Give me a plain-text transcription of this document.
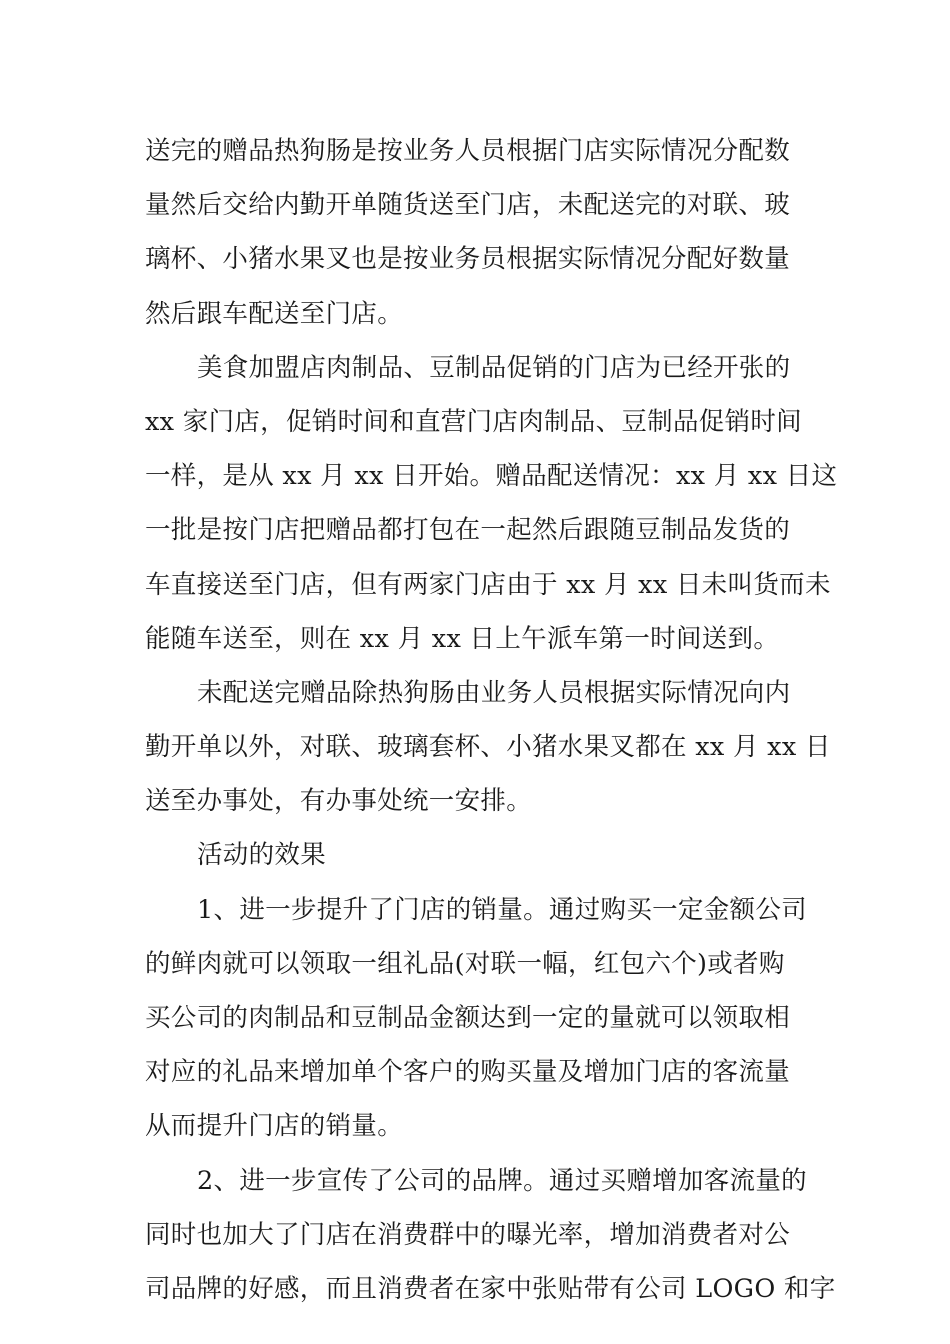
送完的赠品热狗肠是按业务人员根据门店实际情况分配数
量然后交给内勤开单随货送至门店，未配送完的对联、玻
璃杯、小猪水果叉也是按业务员根据实际情况分配好数量
然后跟车配送至门店。
美食加盟店肉制品、豆制品促销的门店为已经开张的
xx 家门店，促销时间和直营门店肉制品、豆制品促销时间
一样，是从 xx 月 xx 日开始。赠品配送情况：xx 月 xx 日这
一批是按门店把赠品都打包在一起然后跟随豆制品发货的
车直接送至门店，但有两家门店由于 xx 月 xx 日未叫货而未
能随车送至，则在 xx 月 xx 日上午派车第一时间送到。
未配送完赠品除热狗肠由业务人员根据实际情况向内
勤开单以外，对联、玻璃套杯、小猪水果叉都在 xx 月 xx 日
送至办事处，有办事处统一安排。
活动的效果
1、进一步提升了门店的销量。通过购买一定金额公司
的鲜肉就可以领取一组礼品(对联一幅，红包六个)或者购
买公司的肉制品和豆制品金额达到一定的量就可以领取相
对应的礼品来增加单个客户的购买量及增加门店的客流量
从而提升门店的销量。
2、进一步宣传了公司的品牌。通过买赠增加客流量的
同时也加大了门店在消费群中的曝光率，增加消费者对公
司品牌的好感，而且消费者在家中张贴带有公司 LOGO 和字
